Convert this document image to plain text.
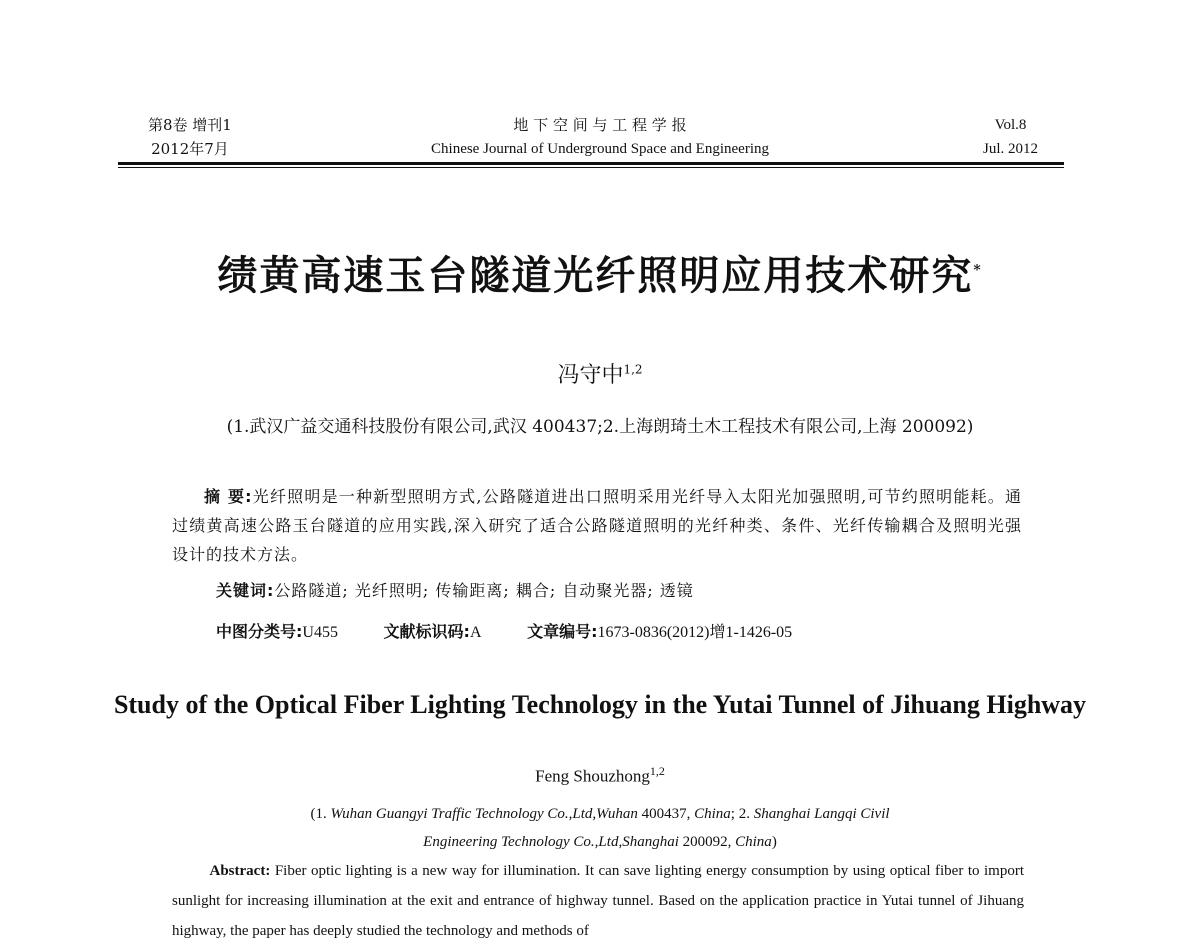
第8卷 增刊1
2012年7月
地 下 空 间 与 工 程 学 报
Chinese Journal of Underground Space and Engineering
Vol.8
Jul. 2012
绩黄高速玉台隧道光纤照明应用技术研究*
冯守中$^{1,2}$
(1.武汉广益交通科技股份有限公司,武汉 400437;2.上海朗琦土木工程技术有限公司,上海 200092)
摘 要:光纤照明是一种新型照明方式,公路隧道进出口照明采用光纤导入太阳光加强照明,可节约照明能耗。通过绩黄高速公路玉台隧道的应用实践,深入研究了适合公路隧道照明的光纤种类、条件、光纤传输耦合及照明光强设计的技术方法。
关键词:公路隧道; 光纤照明; 传输距离; 耦合; 自动聚光器; 透镜
中图分类号:U455	文献标识码:A	文章编号:1673-0836(2012)增1-1426-05
Study of the Optical Fiber Lighting Technology in the Yutai Tunnel of Jihuang Highway
Feng Shouzhong$^{1,2}$
(1. Wuhan Guangyi Traffic Technology Co.,Ltd,Wuhan 400437, China; 2. Shanghai Langqi Civil
Engineering Technology Co.,Ltd,Shanghai 200092, China)
Abstract: Fiber optic lighting is a new way for illumination. It can save lighting energy consumption by using optical fiber to import sunlight for increasing illumination at the exit and entrance of highway tunnel. Based on the application practice in Yutai tunnel of Jihuang highway, the paper has deeply studied the technology and methods of
